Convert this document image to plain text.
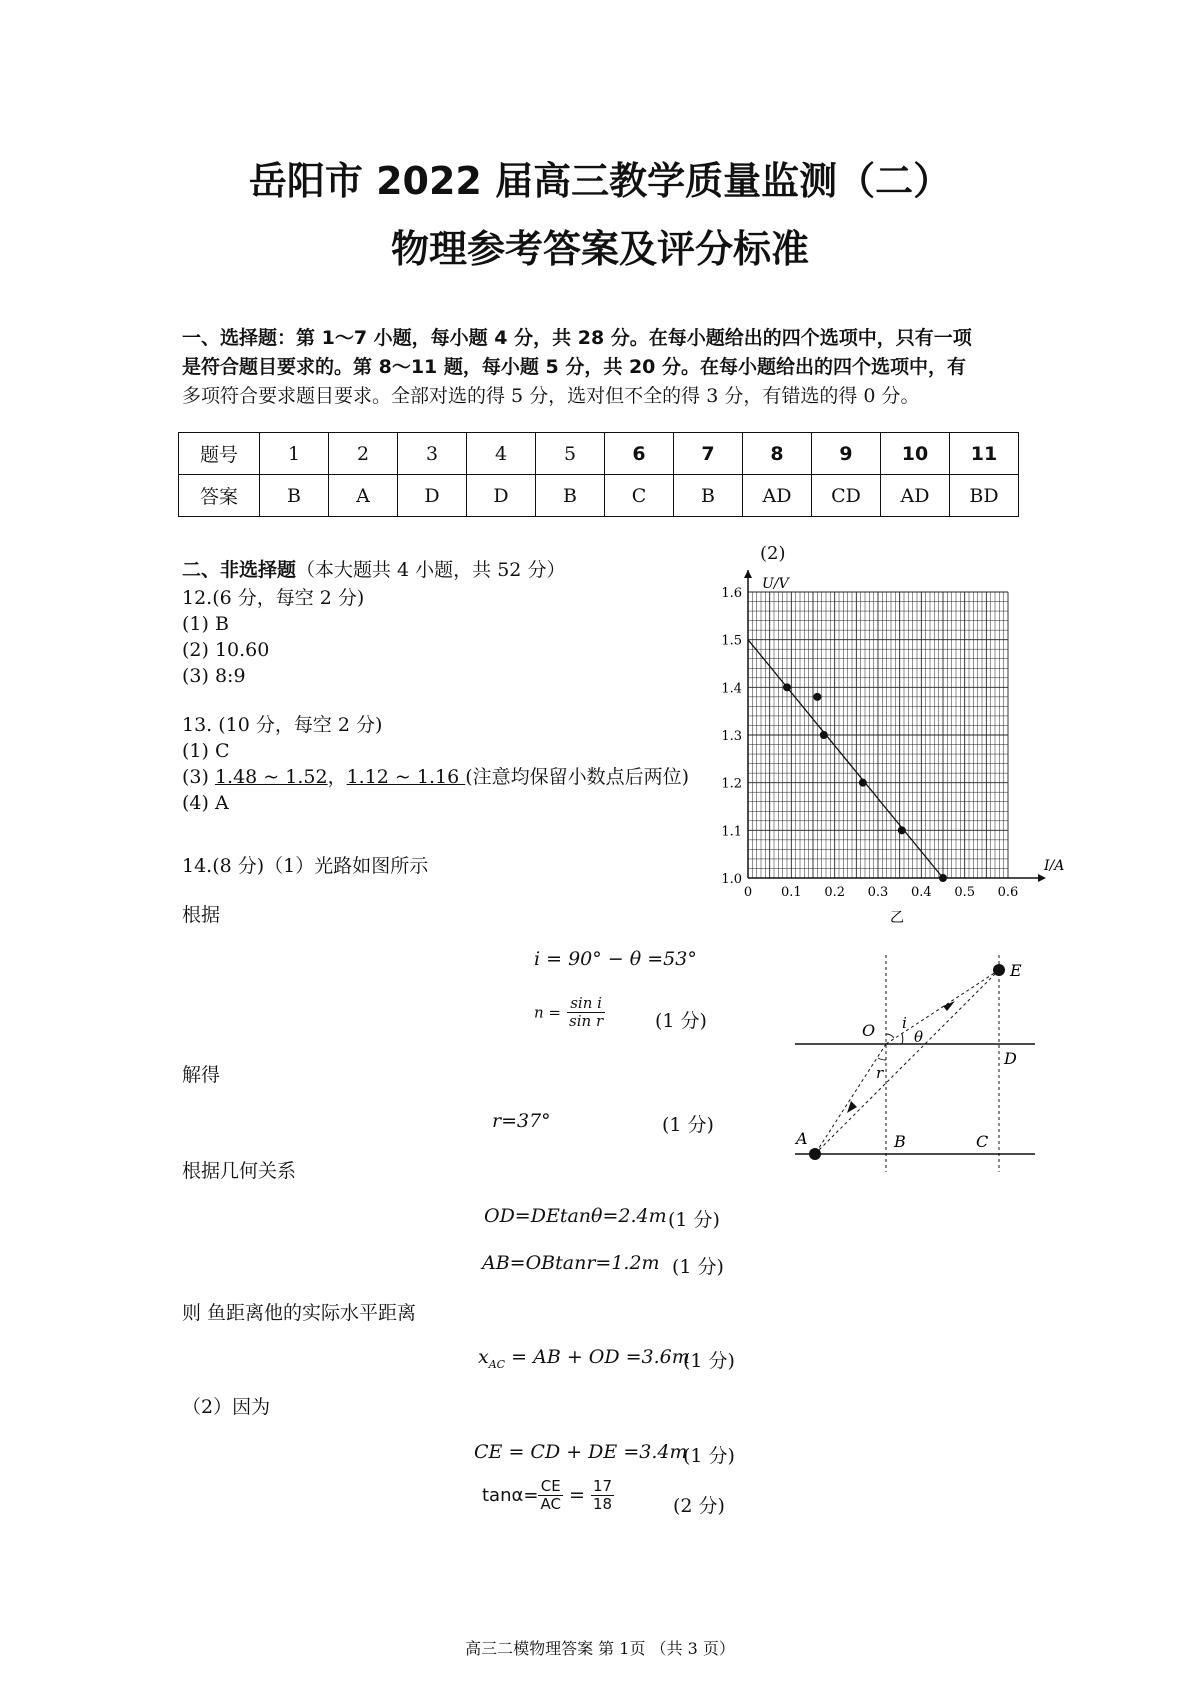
岳阳市 2022 届高三教学质量监测（二）
物理参考答案及评分标准
一、选择题：第 1～7 小题，每小题 4 分，共 28 分。在每小题给出的四个选项中，只有一项
是符合题目要求的。第 8～11 题，每小题 5 分，共 20 分。在每小题给出的四个选项中，有
多项符合要求题目要求。全部对选的得 5 分，选对但不全的得 3 分，有错选的得 0 分。
题号	1	2	3	4	5	6	7	8	9	10	11
答案	B	A	D	D	B	C	B	AD	CD	AD	BD
二、非选择题（本大题共 4 小题，共 52 分）
12.(6 分，每空 2 分)
(1) B
(2) 10.60
(3) 8:9
13. (10 分，每空 2 分)
(1) C
(3) 1.48 ~ 1.52，1.12 ~ 1.16 (注意均保留小数点后两位)
(4) A
14.(8 分)（1）光路如图所示
根据
i = 90° − θ =53°
$n = \frac{\text{sin i}}{\text{sin r}}$	(1 分)
解得
r=37°	(1 分)
根据几何关系
OD=DEtanθ=2.4m (1 分)
AB=OBtanr=1.2m (1 分)
则 鱼距离他的实际水平距离
$x_{AC}$ = AB + OD =3.6m
(1 分)
（2）因为
CE = CD + DE =3.4m
(1 分)
$\tan\alpha= \frac{CE}{AC} = \frac{17}{18}$	(2 分)
(2)
0 0.1 0.2 0.3 0.4 0.5 0.6
1.0
1.1
1.2
1.3
1.4
1.5
1.6
U/V
I/A
乙
E
O i
θ
D
r
A	B	C
高三二模物理答案 第 1页 （共 3 页）
